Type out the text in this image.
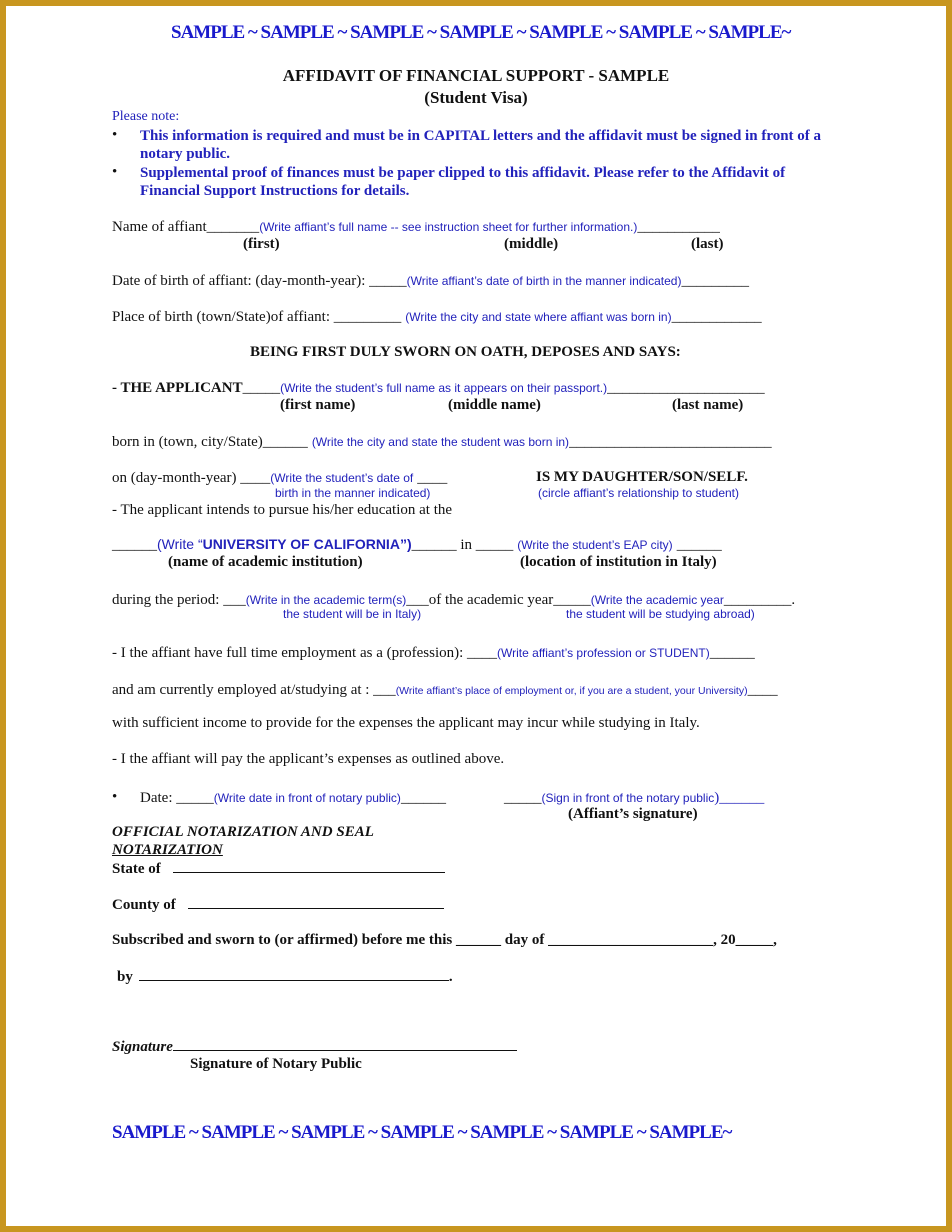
SAMPLE ~ SAMPLE ~ SAMPLE ~ SAMPLE ~ SAMPLE ~ SAMPLE ~ SAMPLE~
AFFIDAVIT OF FINANCIAL SUPPORT - SAMPLE
(Student Visa)
Please note:
• This information is required and must be in CAPITAL letters and the affidavit must be signed in front of a notary public.
• Supplemental proof of finances must be paper clipped to this affidavit. Please refer to the Affidavit of Financial Support Instructions for details.
Name of affiant_______(Write affiant’s full name -- see instruction sheet for further information.)___________
(first)	(middle)	(last)
Date of birth of affiant: (day-month-year): _____(Write affiant’s date of birth in the manner indicated)_________
Place of birth (town/State)of affiant: _________ (Write the city and state where affiant was born in)____________
BEING FIRST DULY SWORN ON OATH, DEPOSES AND SAYS:
- THE APPLICANT_____(Write the student’s full name as it appears on their passport.)_____________________
(first name)	(middle name)	(last name)
born in (town, city/State)______ (Write the city and state the student was born in)___________________________
on (day-month-year) ____(Write the student’s date of ____
birth in the manner indicated)
IS MY DAUGHTER/SON/SELF.
(circle affiant’s relationship to student)
- The applicant intends to pursue his/her education at the
______(Write “UNIVERSITY OF CALIFORNIA”)______ in _____ (Write the student’s EAP city) ______
(name of academic institution)	(location of institution in Italy)
during the period: ___(Write in the academic term(s)___of the academic year_____(Write the academic year_________.
the student will be in Italy)	the student will be studying abroad)
- I the affiant have full time employment as a (profession): ____(Write affiant’s profession or STUDENT)______
and am currently employed at/studying at : ___(Write affiant’s place of employment or, if you are a student, your University)____
with sufficient income to provide for the expenses the applicant may incur while studying in Italy.
- I the affiant will pay the applicant’s expenses as outlined above.
• Date: _____(Write date in front of notary public)______	_____(Sign in front of the notary public)______
(Affiant’s signature)
OFFICIAL NOTARIZATION AND SEAL
NOTARIZATION
State of
County of
Subscribed and sworn to (or affirmed) before me this ______ day of ______________________, 20_____,
by	.
Signature
Signature of Notary Public
SAMPLE ~ SAMPLE ~ SAMPLE ~ SAMPLE ~ SAMPLE ~ SAMPLE ~ SAMPLE~
